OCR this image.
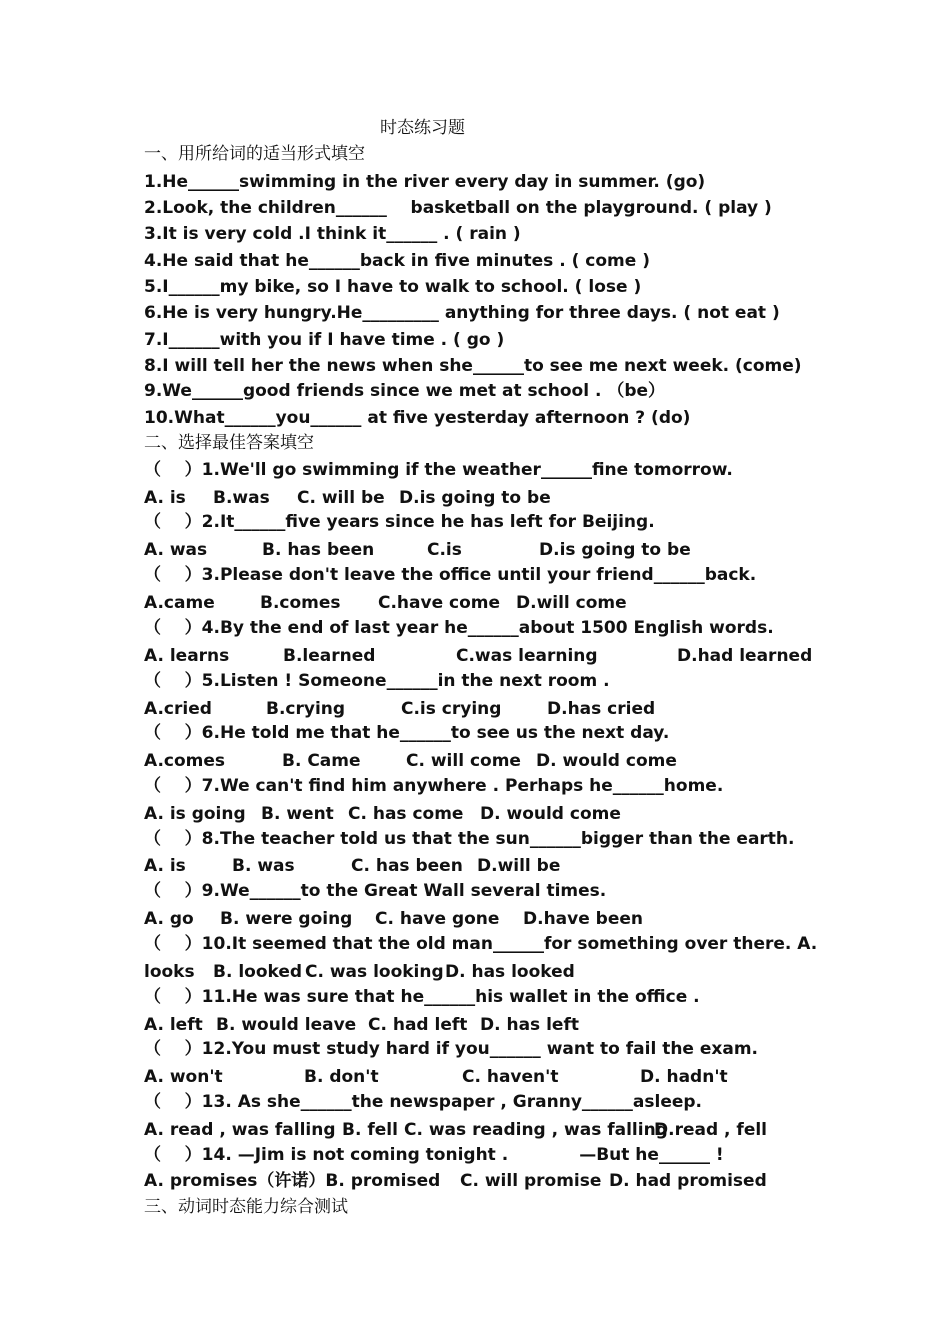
时态练习题
一、用所给词的适当形式填空
1.He______swimming in the river every day in summer. (go)
2.Look, the children______    basketball on the playground. ( play )
3.It is very cold .I think it______ . ( rain )
4.He said that he______back in five minutes . ( come )
5.I______my bike, so I have to walk to school. ( lose )
6.He is very hungry.He_________ anything for three days. ( not eat )
7.I______with you if I have time . ( go )
8.I will tell her the news when she______to see me next week. (come)
9.We______good friends since we met at school . （be）
10.What______you______ at five yesterday afternoon ? (do)
二、选择最佳答案填空
（    ）1.We'll go swimming if the weather______fine tomorrow.
A. is B.was C. will be D.is going to be
（    ）2.It______five years since he has left for Beijing.
A. was	B. has been	C.is	D.is going to be
（    ）3.Please don't leave the office until your friend______back.
A.came	B.comes C.have come D.will come
（    ）4.By the end of last year he______about 1500 English words.
A. learns	B.learned	C.was learning	D.had learned
（    ）5.Listen ! Someone______in the next room .
A.cried	B.crying	C.is crying	D.has cried
（    ）6.He told me that he______to see us the next day.
A.comes	B. Came	C. will come D. would come
（    ）7.We can't find him anywhere . Perhaps he______home.
A. is going B. went C. has come D. would come
（    ）8.The teacher told us that the sun______bigger than the earth.
A. is	B. was	C. has been D.will be
（    ）9.We______to the Great Wall several times.
A. go B. were going C. have gone D.have been
（    ）10.It seemed that the old man______for something over there. A.
looks B. looked C. was looking D. has looked
（    ）11.He was sure that he______his wallet in the office .
A. left B. would leave C. had left D. has left
（    ）12.You must study hard if you______ want to fail the exam.
A. won't	B. don't	C. haven't	D. hadn't
（    ）13. As she______the newspaper , Granny______asleep.
A. read , was falling B. fell C. was reading , was falling
D.read , fell
（    ）14. —Jim is not coming tonight .            —But he______ !
A. promises（许诺）B. promised C. will promise D. had promised
三、动词时态能力综合测试
